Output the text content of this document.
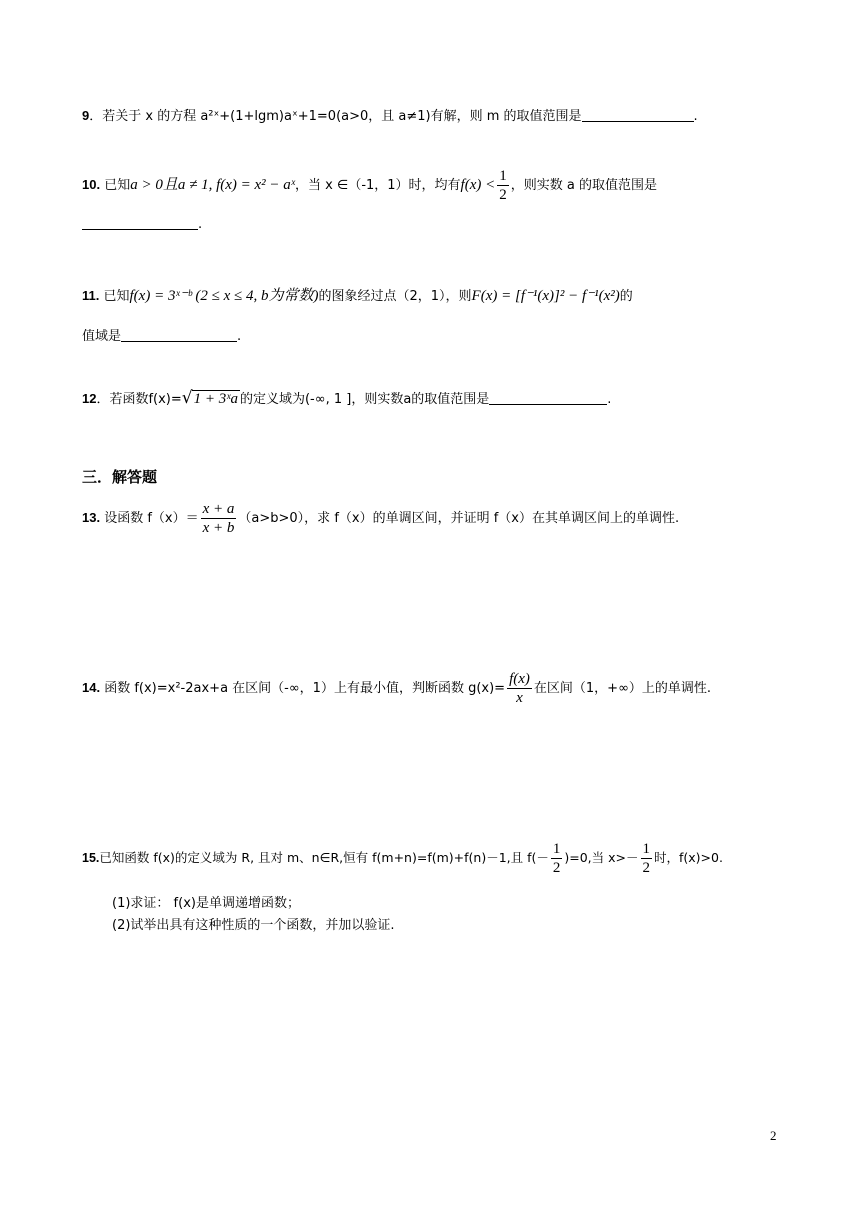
9．若关于 x 的方程 a²ˣ+(1+lgm)aˣ+1=0(a>0，且 a≠1)有解，则 m 的取值范围是	.
10. 已知a > 0且a ≠ 1, f(x) = x² − aˣ，当 x ∈（-1，1）时，均有$f(x) < \frac{1}{2}$ ，则实数 a 的取值范围是
.
11. 已知f(x) = 3ˣ⁻ᵇ (2 ≤ x ≤ 4, b为常数)的图象经过点（2，1），则F(x) = [f⁻¹(x)]² − f⁻¹(x²)的
值域是	.
12．若函数f(x)=√1 + 3ˣa 的定义域为(-∞, 1 ]，则实数a的取值范围是	.
三．解答题
13. 设函数 $f(x)= \frac{x + a}{x + b} (a>b>0)$，求 f（x）的单调区间，并证明 f（x）在其单调区间上的单调性.
14. 函数 f(x)=x²-2ax+a 在区间（-∞，1）上有最小值，判断函数 $g(x)= \frac{f(x)}{x}$ 在区间（1，+∞）上的单调性.
15.已知函数 f(x)的定义域为 R, 且对 m、n∈R,恒有 f(m+n)=f(m)+f(n)－1,且 $f(- \frac{1}{2} )=0$,当 $x>- \frac{1}{2}$ 时，f(x)>0.
(1)求证： f(x)是单调递增函数；
(2)试举出具有这种性质的一个函数，并加以验证.
2
